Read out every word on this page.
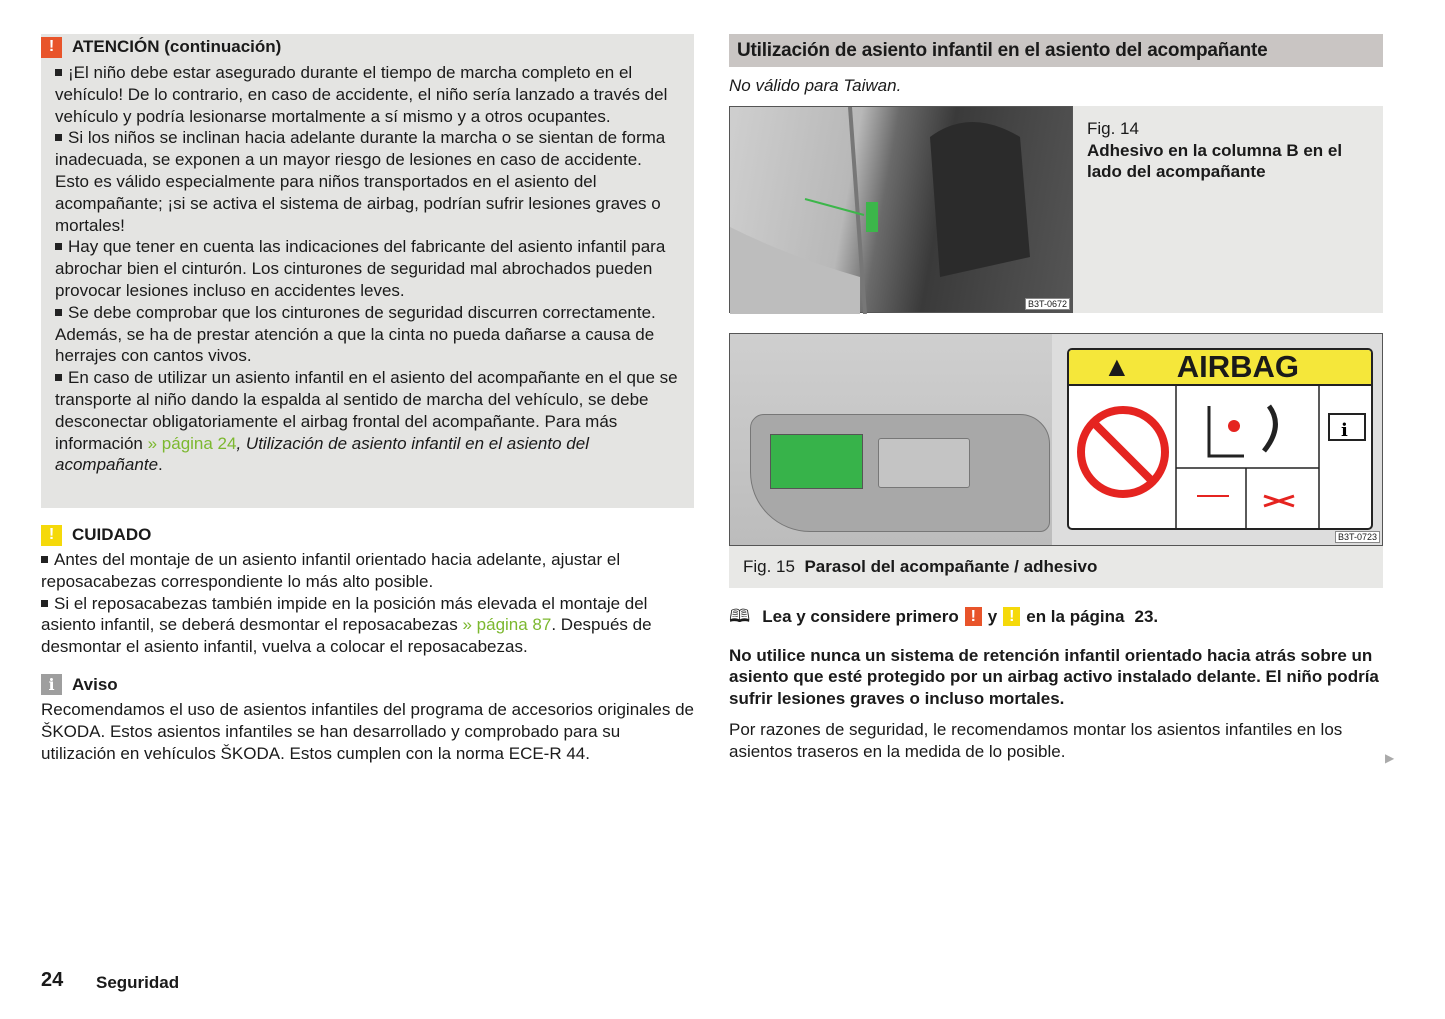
!	ATENCIÓN (continuación)
¡El niño debe estar asegurado durante el tiempo de marcha completo en el vehículo! De lo contrario, en caso de accidente, el niño sería lanzado a través del vehículo y podría lesionarse mortalmente a sí mismo y a otros ocupantes.
Si los niños se inclinan hacia adelante durante la marcha o se sientan de forma inadecuada, se exponen a un mayor riesgo de lesiones en caso de accidente. Esto es válido especialmente para niños transportados en el asiento del acompañante; ¡si se activa el sistema de airbag, podrían sufrir lesiones graves o mortales!
Hay que tener en cuenta las indicaciones del fabricante del asiento infantil para abrochar bien el cinturón. Los cinturones de seguridad mal abrochados pueden provocar lesiones incluso en accidentes leves.
Se debe comprobar que los cinturones de seguridad discurren correctamente. Además, se ha de prestar atención a que la cinta no pueda dañarse a causa de herrajes con cantos vivos.
En caso de utilizar un asiento infantil en el asiento del acompañante en el que se transporte al niño dando la espalda al sentido de marcha del vehículo, se debe desconectar obligatoriamente el airbag frontal del acompañante. Para más información » página 24, Utilización de asiento infantil en el asiento del acompañante.
!	CUIDADO
Antes del montaje de un asiento infantil orientado hacia adelante, ajustar el reposacabezas correspondiente lo más alto posible.
Si el reposacabezas también impide en la posición más elevada el montaje del asiento infantil, se deberá desmontar el reposacabezas » página 87. Después de desmontar el asiento infantil, vuelva a colocar el reposacabezas.
i	Aviso
Recomendamos el uso de asientos infantiles del programa de accesorios originales de ŠKODA. Estos asientos infantiles se han desarrollado y comprobado para su utilización en vehículos ŠKODA. Estos cumplen con la norma ECE-R 44.
Utilización de asiento infantil en el asiento del acompañante
No válido para Taiwan.
B3T-0672
Fig. 14
Adhesivo en la columna B en el lado del acompañante
▲ AIRBAG
i
B3T-0723
Fig. 15 Parasol del acompañante / adhesivo
🕮 Lea y considere primero ! y ! en la página 23.
No utilice nunca un sistema de retención infantil orientado hacia atrás sobre un asiento que esté protegido por un airbag activo instalado delante. El niño podría sufrir lesiones graves o incluso mortales.
Por razones de seguridad, le recomendamos montar los asientos infantiles en los asientos traseros en la medida de lo posible.	▶
24 Seguridad
